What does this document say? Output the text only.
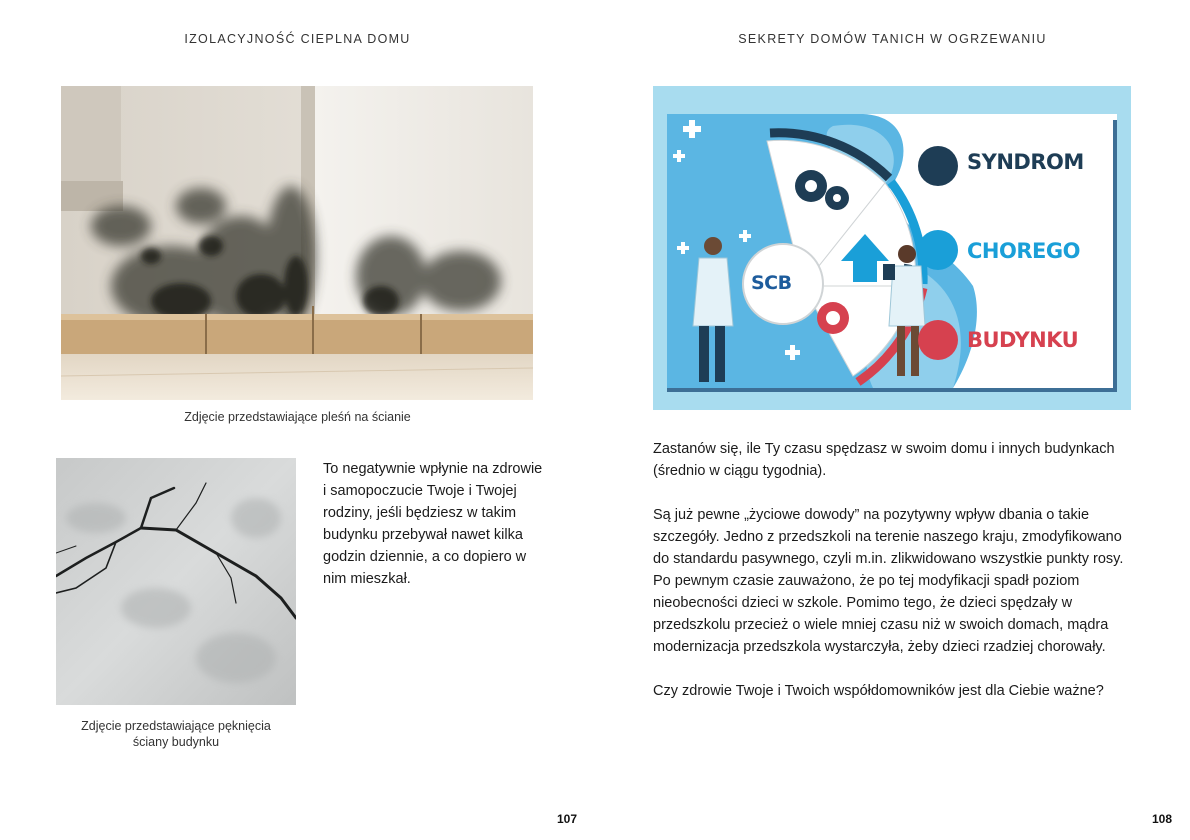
IZOLACYJNOŚĆ CIEPLNA DOMU
Zdjęcie przedstawiające pleśń na ścianie
Zdjęcie przedstawiające pęknięcia
ściany budynku
To negatywnie wpłynie na zdrowie i samopoczucie Twoje i Twojej rodziny, jeśli będziesz w takim budynku przebywał nawet kilka godzin dziennie, a co dopiero w nim mieszkał.
107
SEKRETY DOMÓW TANICH W OGRZEWANIU
SCB
SYNDROM
CHOREGO
BUDYNKU

Zastanów się, ile Ty czasu spędzasz w swoim domu i innych budynkach (średnio w ciągu tygodnia).

Są już pewne „życiowe dowody” na pozytywny wpływ dbania o takie szczegóły. Jedno z przedszkoli na terenie naszego kraju, zmodyfikowano do standardu pasywnego, czyli m.in. zlikwidowano wszystkie punkty rosy. Po pewnym czasie zauważono, że po tej modyfikacji spadł poziom nieobecności dzieci w szkole. Pomimo tego, że dzieci spędzały w przedszkolu przecież o wiele mniej czasu niż w swoich domach, mądra modernizacja przedszkola wystarczyła, żeby dzieci rzadziej chorowały.

Czy zdrowie Twoje i Twoich współdomowników jest dla Ciebie ważne?

108
